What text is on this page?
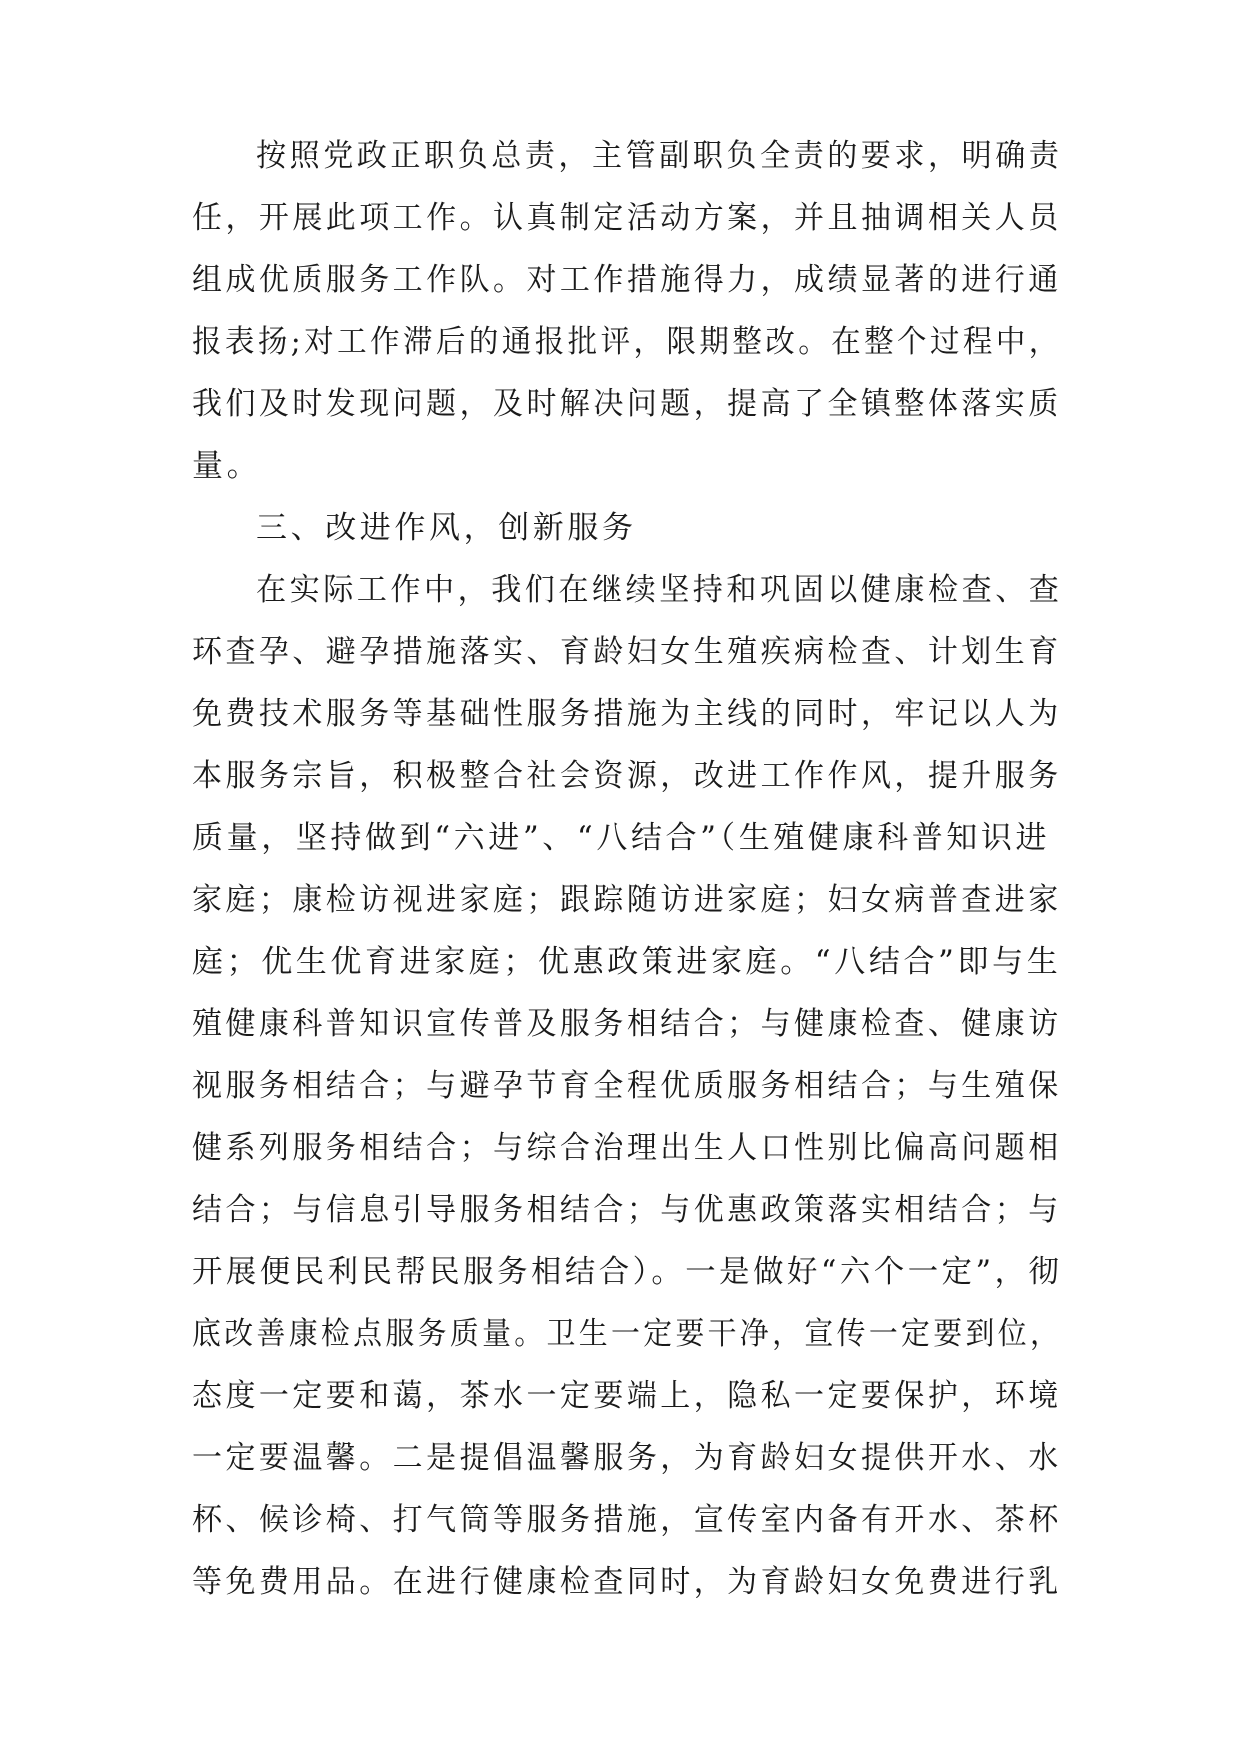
按照党政正职负总责，主管副职负全责的要求，明确责
任，开展此项工作。认真制定活动方案，并且抽调相关人员
组成优质服务工作队。对工作措施得力，成绩显著的进行通
报表扬;对工作滞后的通报批评，限期整改。在整个过程中，
我们及时发现问题，及时解决问题，提高了全镇整体落实质
量。
三、改进作风，创新服务
在实际工作中，我们在继续坚持和巩固以健康检查、查
环查孕、避孕措施落实、育龄妇女生殖疾病检查、计划生育
免费技术服务等基础性服务措施为主线的同时，牢记以人为
本服务宗旨，积极整合社会资源，改进工作作风，提升服务
质量，坚持做到“六进”、“八结合”（生殖健康科普知识进
家庭；康检访视进家庭；跟踪随访进家庭；妇女病普查进家
庭；优生优育进家庭；优惠政策进家庭。“八结合”即与生
殖健康科普知识宣传普及服务相结合；与健康检查、健康访
视服务相结合；与避孕节育全程优质服务相结合；与生殖保
健系列服务相结合；与综合治理出生人口性别比偏高问题相
结合；与信息引导服务相结合；与优惠政策落实相结合；与
开展便民利民帮民服务相结合）。一是做好“六个一定”，彻
底改善康检点服务质量。卫生一定要干净，宣传一定要到位，
态度一定要和蔼，茶水一定要端上，隐私一定要保护，环境
一定要温馨。二是提倡温馨服务，为育龄妇女提供开水、水
杯、候诊椅、打气筒等服务措施，宣传室内备有开水、茶杯
等免费用品。在进行健康检查同时，为育龄妇女免费进行乳
